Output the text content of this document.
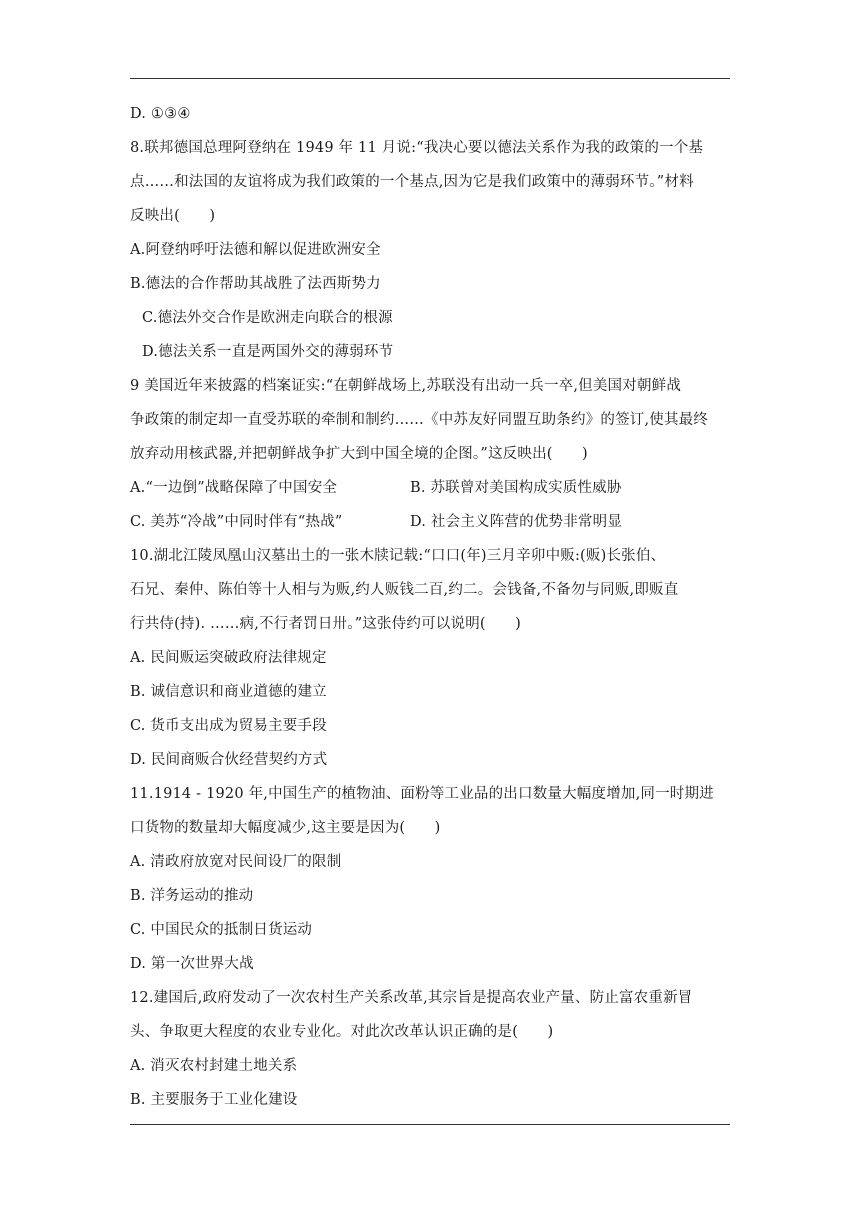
D. ①③④
8.联邦德国总理阿登纳在 1949 年 11 月说:“我决心要以德法关系作为我的政策的一个基
点……和法国的友谊将成为我们政策的一个基点,因为它是我们政策中的薄弱环节。”材料
反映出(　　)
A.阿登纳呼吁法德和解以促进欧洲安全
B.德法的合作帮助其战胜了法西斯势力
C.德法外交合作是欧洲走向联合的根源
D.德法关系一直是两国外交的薄弱环节
9 美国近年来披露的档案证实:“在朝鲜战场上,苏联没有出动一兵一卒,但美国对朝鲜战
争政策的制定却一直受苏联的牵制和制约……《中苏友好同盟互助条约》的签订,使其最终
放弃动用核武器,并把朝鲜战争扩大到中国全境的企图。”这反映出(　　)
A.“一边倒”战略保障了中国安全	B. 苏联曾对美国构成实质性威胁
C. 美苏“冷战”中同时伴有“热战”	D. 社会主义阵营的优势非常明显
10.湖北江陵凤凰山汉墓出土的一张木牍记载:“口口(年)三月辛卯中贩:(贩)长张伯、
石兄、秦仲、陈伯等十人相与为贩,约人贩钱二百,约二。会钱备,不备勿与同贩,即贩直
行共侍(持). ……病,不行者罚日卅。”这张侍约可以说明(　　)
A. 民间贩运突破政府法律规定
B. 诚信意识和商业道德的建立
C. 货币支出成为贸易主要手段
D. 民间商贩合伙经营契约方式
11.1914 - 1920 年,中国生产的植物油、面粉等工业品的出口数量大幅度增加,同一时期进
口货物的数量却大幅度减少,这主要是因为(　　)
A. 清政府放宽对民间设厂的限制
B. 洋务运动的推动
C. 中国民众的抵制日货运动
D. 第一次世界大战
12.建国后,政府发动了一次农村生产关系改革,其宗旨是提高农业产量、防止富农重新冒
头、争取更大程度的农业专业化。对此次改革认识正确的是(　　)
A. 消灭农村封建土地关系
B. 主要服务于工业化建设
